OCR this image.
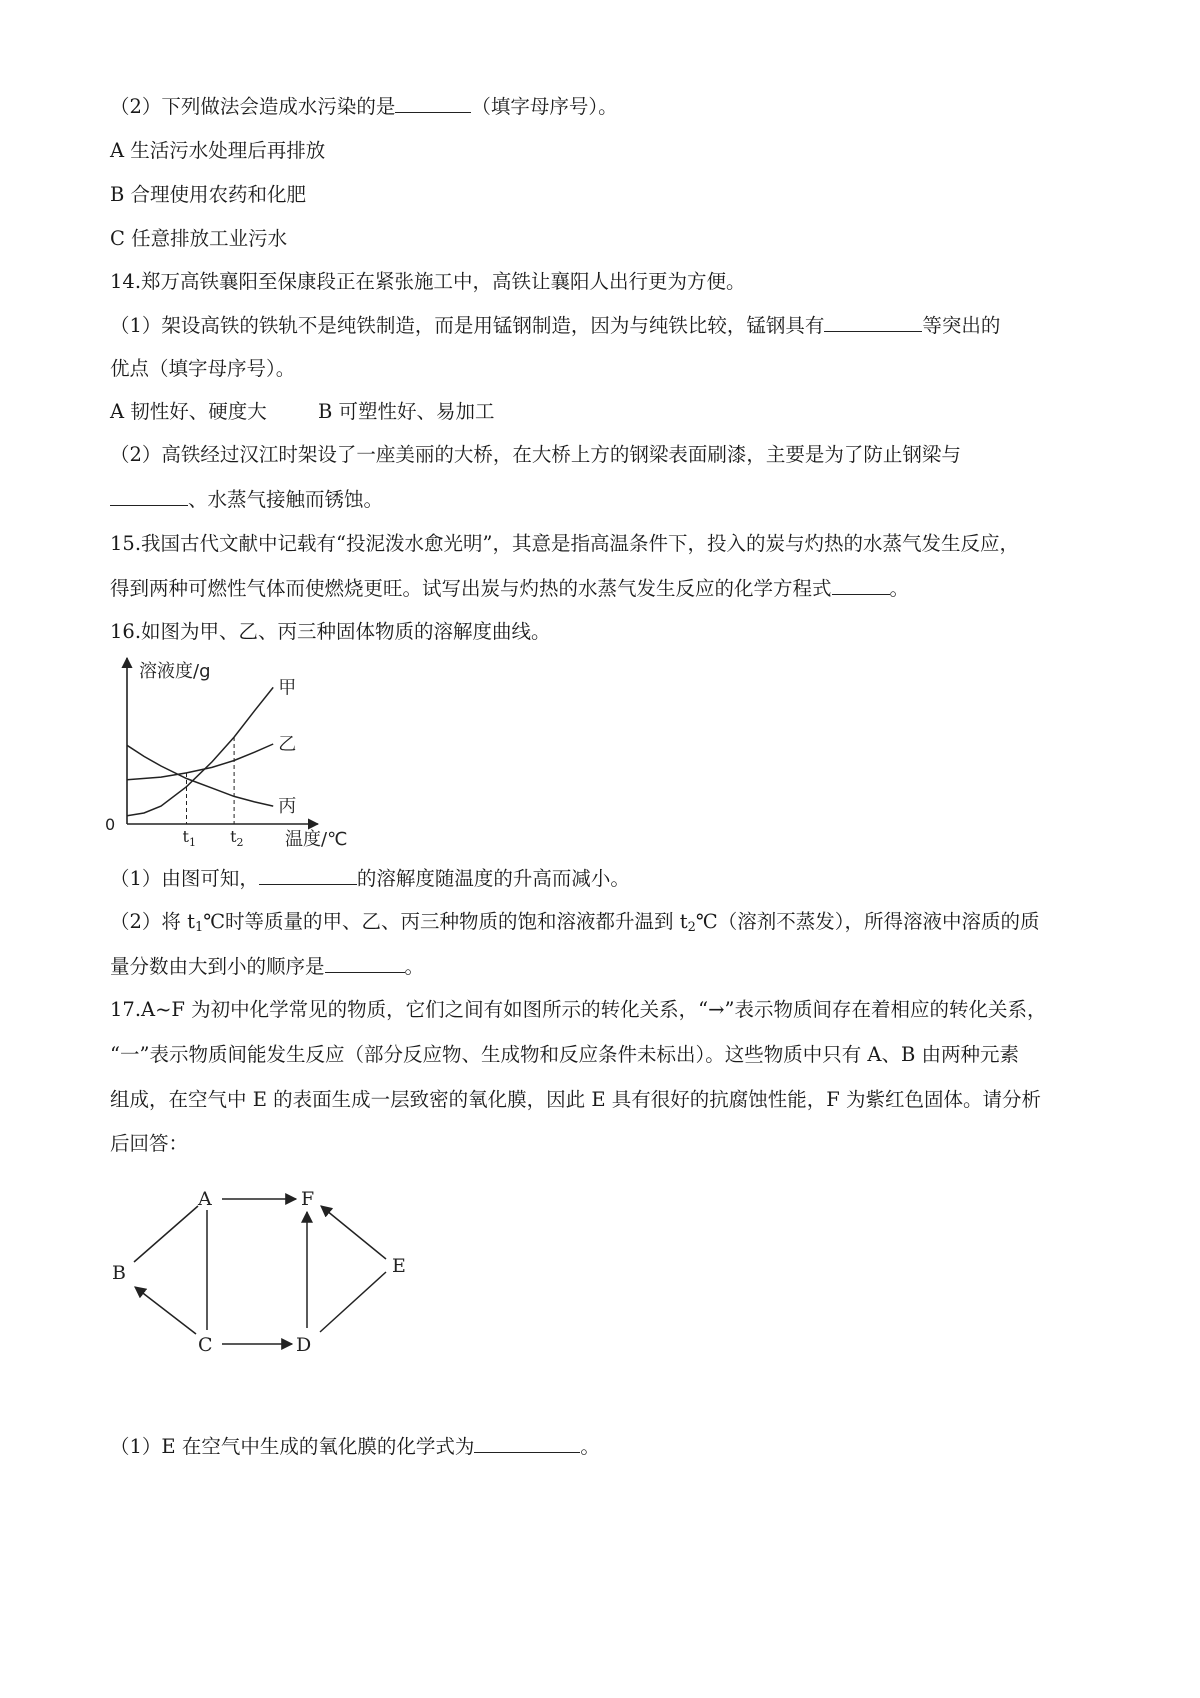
（2）下列做法会造成水污染的是	（填字母序号）。
A 生活污水处理后再排放
B 合理使用农药和化肥
C 任意排放工业污水
14.郑万高铁襄阳至保康段正在紧张施工中，高铁让襄阳人出行更为方便。
（1）架设高铁的铁轨不是纯铁制造，而是用锰钢制造，因为与纯铁比较，锰钢具有	等突出的
优点（填字母序号）。
A 韧性好、硬度大	B 可塑性好、易加工
（2）高铁经过汉江时架设了一座美丽的大桥，在大桥上方的钢梁表面刷漆，主要是为了防止钢梁与
、水蒸气接触而锈蚀。
15.我国古代文献中记载有“投泥泼水愈光明”，其意是指高温条件下，投入的炭与灼热的水蒸气发生反应，
得到两种可燃性气体而使燃烧更旺。试写出炭与灼热的水蒸气发生反应的化学方程式	。
16.如图为甲、乙、丙三种固体物质的溶解度曲线。
溶液度/g
温度/℃
0
甲
乙
丙
$t_1$ $t_2$
（1）由图可知，	的溶解度随温度的升高而减小。
（2）将 $t_1℃$时等质量的甲、乙、丙三种物质的饱和溶液都升温到 $t_2℃$（溶剂不蒸发），所得溶液中溶质的质
量分数由大到小的顺序是	。
17.A~F 为初中化学常见的物质，它们之间有如图所示的转化关系，“→”表示物质间存在着相应的转化关系，
“一”表示物质间能发生反应（部分反应物、生成物和反应条件未标出）。这些物质中只有 A、B 由两种元素
组成，在空气中 E 的表面生成一层致密的氧化膜，因此 E 具有很好的抗腐蚀性能，F 为紫红色固体。请分析
后回答：
A	F
B	E
C	D
（1）E 在空气中生成的氧化膜的化学式为	。
